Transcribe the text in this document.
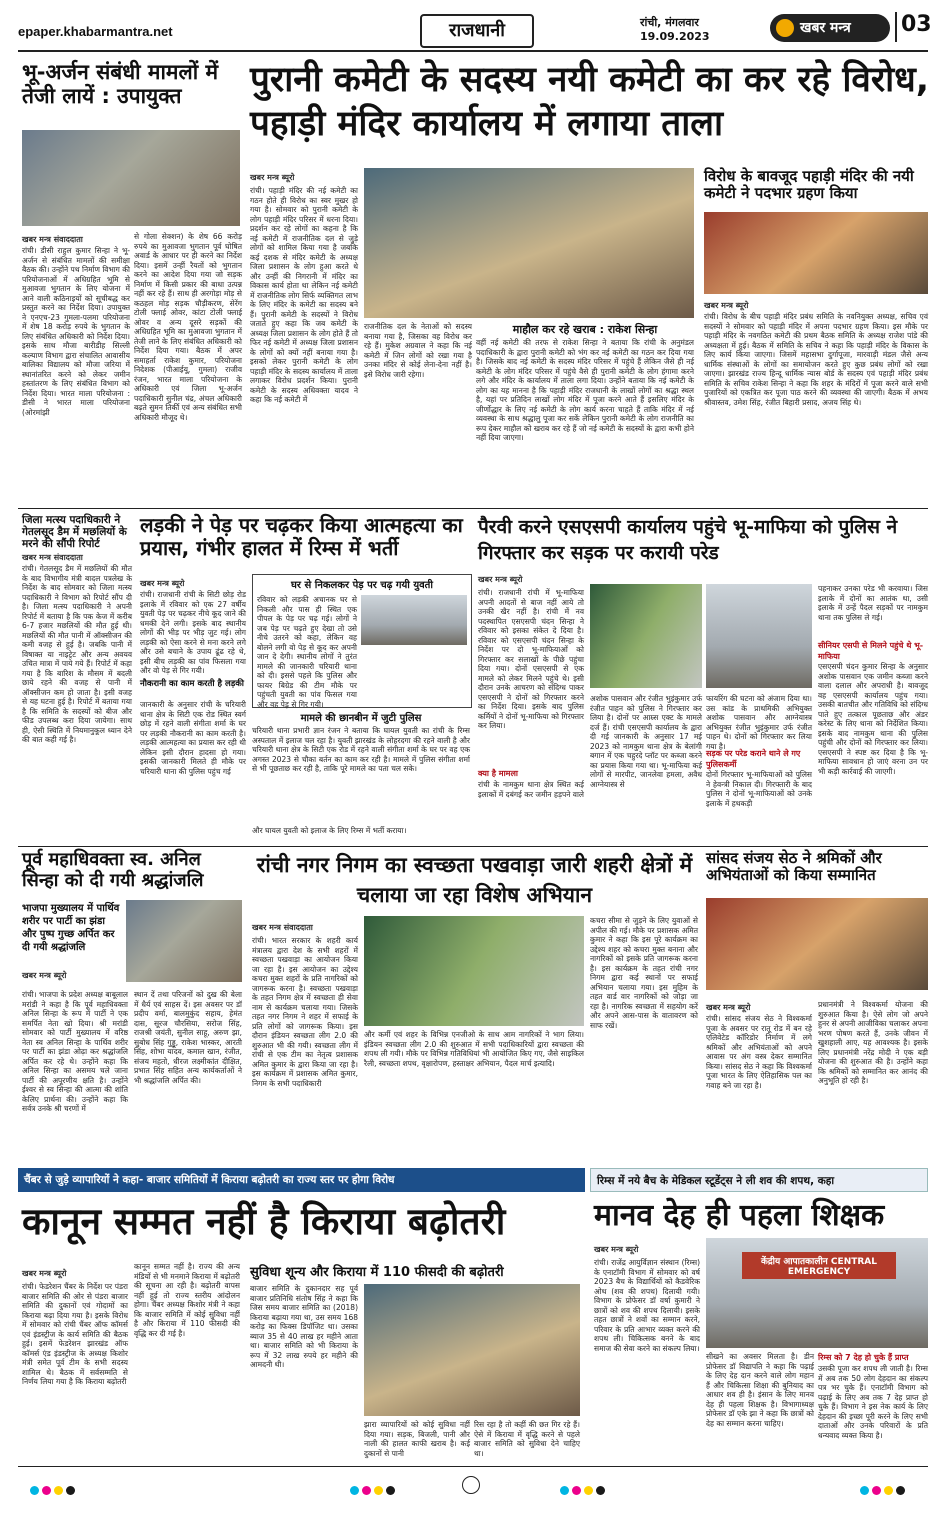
epaper.khabarmantra.net	राजधानी	रांची, मंगलवार
19.09.2023
खबर मन्त्र	03
भू-अर्जन संबंधी मामलों में तेजी लायें : उपायुक्त
खबर मन्त्र संवाददाता
रांची। डीसी राहुल कुमार सिन्हा ने भू-अर्जन से संबंधित मामलों की समीक्षा बैठक की। उन्होंने पथ निर्माण विभाग की परियोजनाओं में अधिग्रहित भूमि से मुआवजा भुगतान के लिए योजना में आने वाली कठिनाइयों को सूचीबद्ध कर प्रस्तुत करने का निर्देश दिया। उपायुक्त ने एनएच-23 गुमला-पलमा परियोजना में शेष 18 करोड़ रुपये के भुगतान के लिए संबंधित अधिकारी को निर्देश दिया। इसके साथ मौजा बारीडीह सिल्ली कल्याण विभाग द्वारा संचालित आवासीय बालिका विद्यालय को मौजा जरिया में स्थानांतरित करने को लेकर जमीन हस्तांतरण के लिए संबंधित विभाग को निर्देश दिया। भारत माला परियोजना : डीसी ने भारत माला परियोजना (ओरमांझी
से गोला सेक्शन) के शेष 66 करोड़ रुपये का मुआवजा भुगतान पूर्व घोषित अवार्ड के आधार पर ही करने का निर्देश दिया। इसमें उन्हीं रैयतों को भुगतान करने का आदेश दिया गया जो सड़क निर्माण में किसी प्रकार की बाधा उत्पन्न नहीं कर रहे हैं। साथ ही अरगोड़ा मोड़ से कठहल मोड़ सड़क चौड़ीकरण, सेरेंग टोली फ्लाई ओवर, कांटा टोली फ्लाई ओवर व अन्य दूसरे सड़कों की अधिग्रहित भूमि का मुआवजा भुगतान में तेजी लाने के लिए संबंधित अधिकारी को निर्देश दिया गया। बैठक में अपर समाहर्ता राकेश कुमार, परियोजना निदेशक (पीआईयू, गुमला) राजीव रंजन, भारत माला परियोजना के अधिकारी एवं जिला भू-अर्जन पदाधिकारी सुनील चंद्र, अंचल अधिकारी बढ़ते सुमन तिर्की एवं अन्य संबंधित सभी अधिकारी मौजूद थे।
पुरानी कमेटी के सदस्य नयी कमेटी का कर रहे विरोध, पहाड़ी मंदिर कार्यालय में लगाया ताला
खबर मन्त्र ब्यूरो
रांची। पहाड़ी मंदिर की नई कमेटी का गठन होते ही विरोध का स्वर मुखर हो गया है। सोमवार को पुरानी कमेटी के लोग पहाड़ी मंदिर परिसर में धरना दिया। प्रदर्शन कर रहे लोगों का कहना है कि नई कमेटी में राजनीतिक दल से जुड़े लोगों को शामिल किया गया है जबकि कई दशक से मंदिर कमेटी के अध्यक्ष जिला प्रशासन के लोग हुआ करते थे और उन्हीं की निगरानी में मंदिर का विकास कार्य होता था लेकिन नई कमेटी में राजनीतिक लोग सिर्फ व्यक्तिगत लाभ के लिए मंदिर के कमेटी का सदस्य बने हैं। पुरानी कमेटी के सदस्यों ने विरोध जताते हुए कहा कि जब कमेटी के अध्यक्ष जिला प्रशासन के लोग होते हैं तो फिर नई कमेटी में अध्यक्ष जिला प्रशासन के लोगों को क्यों नहीं बनाया गया है। इसको लेकर पुरानी कमेटी के लोग पहाड़ी मंदिर के सदस्य कार्यालय में ताला लगाकर विरोध प्रदर्शन किया। पुरानी कमेटी के सदस्य अधिवक्ता यादव ने कहा कि नई कमेटी में
राजनीतिक दल के नेताओं को सदस्य बनाया गया है, जिसका वह विरोध कर रहे हैं। मुकेश अग्रवाल ने कहा कि नई कमेटी में जिन लोगों को रखा गया है उनका मंदिर से कोई लेना-देना नहीं है। इसे विरोध जारी रहेगा।
माहौल कर रहे खराब : राकेश सिन्हा
वहीं नई कमेटी की तरफ से राकेश सिन्हा ने बताया कि रांची के अनुमंडल पदाधिकारी के द्वारा पुरानी कमेटी को भंग कर नई कमेटी का गठन कर दिया गया है। जिसके बाद नई कमेटी के सदस्य मंदिर परिसर में पहुंचे हैं लेकिन जैसे ही नई कमेटी के लोग मंदिर परिसर में पहुंचे वैसे ही पुरानी कमेटी के लोग हंगामा करने लगे और मंदिर के कार्यालय में ताला लगा दिया। उन्होंने बताया कि नई कमेटी के लोग का यह मानना है कि पहाड़ी मंदिर राजधानी के लाखों लोगों का श्रद्धा स्थल है, यहां पर प्रतिदिन लाखों लोग मंदिर में पूजा करने आते हैं इसलिए मंदिर के जीर्णोद्धार के लिए नई कमेटी के लोग कार्य करना चाहते हैं ताकि मंदिर में नई व्यवस्था के साथ श्रद्धालु पूजा कर सकें लेकिन पुरानी कमेटी के लोग राजनीति का रूप देकर माहौल को खराब कर रहे हैं जो नई कमेटी के सदस्यों के द्वारा कभी होने नहीं दिया जाएगा।
विरोध के बावजूद पहाड़ी मंदिर की नयी कमेटी ने पदभार ग्रहण किया
खबर मन्त्र ब्यूरो
रांची। विरोध के बीच पहाड़ी मंदिर प्रबंध समिति के नवनियुक्त अध्यक्ष, सचिव एवं सदस्यों ने सोमवार को पहाड़ी मंदिर में अपना पदभार ग्रहण किया। इस मौके पर पहाड़ी मंदिर के नवगठित कमेटी की प्रथम बैठक समिति के अध्यक्ष राजेश पांडे की अध्यक्षता में हुई। बैठक में समिति के सचिव ने कहा कि पहाड़ी मंदिर के विकास के लिए कार्य किया जाएगा। जिसमें महासभा दुर्गापूजा, मारवाड़ी मंडल जैसे अन्य धार्मिक संस्थाओं के लोगों का समायोजन करते हुए कुछ प्रबंध लोगों को रखा जाएगा। झारखंड राज्य हिन्दू धार्मिक न्यास बोर्ड के सदस्य एवं पहाड़ी मंदिर प्रबंध समिति के सचिव राकेश सिन्हा ने कहा कि शहर के मंदिरों में पूजा करने वाले सभी पुजारियों को एकत्रित कर पूजा पाठ करने की व्यवस्था की जाएगी। बैठक में अभय श्रीवास्तव, उमेश सिंह, रंजीत बिहारी प्रसाद, अजय सिंह थे।
जिला मत्स्य पदाधिकारी ने गेतलसूद डैम में मछलियों के मरने की सौंपी रिपोर्ट
खबर मन्त्र संवाददाता
रांची। गेतलसूद डैम में मछलियों की मौत के बाद विभागीय मंत्री बादल पत्रलेख के निर्देश के बाद सोमवार को जिला मत्स्य पदाधिकारी ने विभाग को रिपोर्ट सौंप दी है। जिला मत्स्य पदाधिकारी ने अपनी रिपोर्ट में बताया है कि पक केज में करीब 6-7 हजार मछलियों की मौत हुई थी। मछलियों की मौत पानी में ऑक्सीजन की कमी वजह से हुई है। जबकि पानी में विषाक्त या नाइट्रेट और अन्य अवयव उचित मात्रा में पाये गये हैं। रिपोर्ट में कहा गया है कि बारिश के मौसम में बदली छाये रहने की वजह से पानी में ऑक्सीजन कम हो जाता है। इसी वजह से यह घटना हुई है। रिपोर्ट में बताया गया है कि समिति के सदस्यों को बीज और फीड उपलब्ध करा दिया जायेगा। साथ ही, ऐसी स्थिति में नियमानुकूल ध्यान देने की बात कही गई है।
लड़की ने पेड़ पर चढ़कर किया आत्महत्या का प्रयास, गंभीर हालत में रिम्स में भर्ती
खबर मन्त्र ब्यूरो
रांची। राजधानी रांची के सिटी छोड़ रोड इलाके में रविवार को एक 27 वर्षीय युवती पेड़ पर चढ़कर नीचे कूद जाने की धमकी देने लगी। इसके बाद स्थानीय लोगों की भीड़ पर भीड़ जुट गई। लोग लड़की को ऐसा करने से मना करने लगे और उसे बचाने के उपाय ढूंढ रहे थे, इसी बीच लड़की का पांव फिसला गया और वो पेड़ से गिर गयी।
नौकरानी का काम करती है लड़की
जानकारी के अनुसार रांची के चरियारी थाना क्षेत्र के सिटी एक रोड स्थित स्वर्ग छोड़ में रहने वाली संगीता शर्मा के घर पर लड़की नौकरानी का काम करती है। लड़की आत्महत्या का प्रयास कर रही थी लेकिन इसी दौरान हादसा हो गया। इसकी जानकारी मिलते ही मौके पर चरियारी थाना की पुलिस पहुंच गई
घर से निकलकर पेड़ पर चढ़ गयी युवती
रविवार को लड़की अचानक घर से निकली और पास ही स्थित एक पीपल के पेड़ पर चढ़ गई। लोगों ने जब पेड़ पर चढ़ते हुए देखा तो उसे नीचे उतरने को कहा, लेकिन वह बोलने लगी वो पेड़ से कूद कर अपनी जान दे देगी। स्थानीय लोगों ने तुरंत मामले की जानकारी चरियारी थाना को दी। इससे पहले कि पुलिस और फायर बिग्रेड की टीम मौके पर पहुंचती युवती का पांव फिसल गया और वह पेड़ से गिर गयी।
मामले की छानबीन में जुटी पुलिस
चरियारी थाना प्रभारी ज्ञान रंजन ने बताया कि घायल युवती का रांची के रिम्स अस्पताल में इलाज चल रहा है। युवती झारखंड के लोहरदगा की रहने वाली है और चरियारी थाना क्षेत्र के सिटी एक रोड में रहने वाली संगीता शर्मा के घर पर वह एक अगस्त 2023 से चौका बर्तन का काम कर रही है। मामले में पुलिस संगीता शर्मा से भी पूछताछ कर रही है, ताकि पूरे मामले का पता चल सके।
और घायल युवती को इलाज के लिए रिम्स में भर्ती कराया।
पैरवी करने एसएसपी कार्यालय पहुंचे भू-माफिया को पुलिस ने गिरफ्तार कर सड़क पर करायी परेड
खबर मन्त्र ब्यूरो
रांची। राजधानी रांची में भू-माफिया अपनी आदतों से बाज नहीं आये तो उनकी खैर नहीं है। रांची में नव पदस्थापित एसएसपी चंदन सिन्हा ने रविवार को इसका संकेत दे दिया है। रविवार को एसएसपी चंदन सिन्हा के निर्देश पर दो भू-माफियाओं को गिरफ्तार कर सलाखों के पीछे पहुंचा दिया गया। दोनों एसएसपी से एक मामले को लेकर मिलने पहुंचे थे। इसी दौरान उनके आचरण को संदिग्ध पाकर एसएसपी ने दोनों को गिरफ्तार करने का निर्देश दिया। इसके बाद पुलिस कर्मियों ने दोनों भू-माफिया को गिरफ्तार कर लिया।
क्या है मामला
रांची के नामकुम थाना क्षेत्र स्थित कई इलाकों में दबंगई कर जमीन हड़पने वाले
अशोक पासवान और रंजीत भुइंकुमार उर्फ रंजीत पाहन को पुलिस ने गिरफ्तार कर लिया है। दोनों पर आम्र्स एक्ट के मामले दर्ज हैं। रांची एसएसपी कार्यालय के द्वारा दी गई जानकारी के अनुसार 17 मई 2023 को नामकुम थाना क्षेत्र के बेलांगी बगान में एक चहुरदे प्लॉट पर कब्जा करने का प्रयास किया गया था। भू-माफिया कई लोगों से मारपीट, जानलेवा हमला, अवैध आग्नेयास्त्र से
फायरिंग की घटना को अंजाम दिया था। उस कांड के प्राथमिकी अभियुक्त अशोक पासवान और आग्नेयास्त्र अभियुक्त रंजीत भुइंकुमार उर्फ रंजीत पाहन थे। दोनों को गिरफ्तार कर लिया गया है।
सड़क पर परेड कराने थाने ले गए पुलिसकर्मी
दोनों गिरफ्तार भू-माफियाओं को पुलिस ने हेवन्त्री निकाल दी। गिरफ्तारी के बाद पुलिस ने दोनों भू-माफियाओं को उनके इलाके में हथकड़ी
पहनाकर उनका परेड भी करवाया। जिस इलाके में दोनों का आतंक था, उसी इलाके में उन्हें पैदल सड़कों पर नामकुम थाना तक पुलिस ले गई।
सीनियर एसपी से मिलने पहुंचे थे भू-माफिया
एसएसपी चंदन कुमार सिन्हा के अनुसार अशोक पासवान एक जमीन कब्जा करने वाला दलाल और अपराधी है। बावजूद वह एसएसपी कार्यालय पहुंच गया। उसकी बातचीत और गतिविधि को संदिग्ध पाते हुए तत्काल पूछताछ और अंडर करेस्ट के लिए थाना को निर्देशित किया। इसके बाद नामकुम थाना की पुलिस पहुंची और दोनों को गिरफ्तार कर लिया। एसएसपी ने स्पष्ट कर दिया है कि भू-माफिया सावधान हो जाएं वरना उन पर भी कड़ी कार्रवाई की जाएगी।
पूर्व महाधिवक्ता स्व. अनिल सिन्हा को दी गयी श्रद्धांजलि
भाजपा मुख्यालय में पार्थिव शरीर पर पार्टी का झंडा और पुष्प गुच्छ अर्पित कर दी गयी श्रद्धांजलि
खबर मन्त्र ब्यूरो
रांची। भाजपा के प्रदेश अध्यक्ष बाबूलाल मरांडी ने कहा है कि पूर्व महाधिवक्ता अनिल सिन्हा के रूप में पार्टी ने एक समर्पित नेता खो दिया। श्री मरांडी सोमवार को पार्टी मुख्यालय में वरिष्ठ नेता स्व अनिल सिन्हा के पार्थिव शरीर पर पार्टी का झंडा ओढ़ा कर श्रद्धांजलि अर्पित कर रहे थे। उन्होंने कहा कि अनिल सिन्हा का असमय चले जाना पार्टी की अपूरणीय क्षति है। उन्होंने ईश्वर से स्व सिन्हा की आत्मा की शांति केलिए प्रार्थना की। उन्होंने कहा कि सर्वत्र उनके श्री चरणों में
स्थान दें तथा परिजनों को दुख की बेला में धैर्य एवं साहस दें। इस अवसर पर डॉ प्रदीप वर्मा, बालमुकुंद सहाय, हेमंत दास, सूरज चौरसिया, सरोज सिंह, राजश्री जयंती, सुनील साहू, अरुण झा, सुबोध सिंह गुड्डू, राकेश भास्कर, आरती सिंह, शोभा यादव, कमाल खान, रंजीत, संजय महतो, धीरज लक्ष्मीकांत दीक्षित, प्रभात सिंह सहित अन्य कार्यकर्ताओं ने भी श्रद्धांजलि अर्पित की।
रांची नगर निगम का स्वच्छता पखवाड़ा जारी शहरी क्षेत्रों में चलाया जा रहा विशेष अभियान
खबर मन्त्र संवाददाता
रांची। भारत सरकार के शहरी कार्य मंत्रालय द्वारा देश के सभी शहरों में स्वच्छता पखवाड़ा का आयोजन किया जा रहा है। इस आयोजन का उद्देश्य कचरा मुक्त शहरों के प्रति नागरिकों को जागरूक करना है। स्वच्छता पखवाड़ा के तहत निगम क्षेत्र में स्वच्छता ही सेवा नाम से कार्यक्रम चलाया गया। जिसके तहत नगर निगम ने शहर में सफाई के प्रति लोगों को जागरूक किया। इस दौरान इंडियन स्वच्छता लीग 2.0 की शुरुआत भी की गयी। स्वच्छता लीग में रांची से एक टीम का नेतृत्व प्रशासक अमित कुमार के द्वारा किया जा रहा है। इस कार्यक्रम में प्रशासक अमित कुमार, निगम के सभी पदाधिकारी
और कर्मी एवं शहर के विभिन्न एनजीओ के साथ आम नागरिकों ने भाग लिया। इंडियन स्वच्छता लीग 2.0 की शुरुआत में सभी पदाधिकारियों द्वारा स्वच्छता की शपथ ली गयी। मौके पर विभिन्न गतिविधियां भी आयोजित किए गए, जैसे साइकिल रैली, स्वच्छता शपथ, वृक्षारोपण, हस्ताक्षर अभियान, पैदल मार्च इत्यादि।
कचरा सीमा से जुड़ने के लिए युवाओं से अपील की गई। मौके पर प्रशासक अमित कुमार ने कहा कि इस पूरे कार्यक्रम का उद्देश्य शहर को कचरा मुक्त बनाना और नागरिकों को इसके प्रति जागरूक करना है। इस कार्यक्रम के तहत रांची नगर निगम द्वारा कई स्थानों पर सफाई अभियान चलाया गया। इस मुहिम के तहत वार्ड वार नागरिकों को जोड़ा जा रहा है। नागरिक स्वच्छता में सहयोग करें और अपने आस-पास के वातावरण को साफ रखें।
सांसद संजय सेठ ने श्रमिकों और अभियंताओं को किया सम्मानित
खबर मन्त्र ब्यूरो
रांची। सांसद संजय सेठ ने विश्वकर्मा पूजा के अवसर पर रातू रोड में बन रहे एलिवेटेड कॉरिडोर निर्माण में लगे श्रमिकों और अभियंताओं को अपने आवास पर अंग वस्त्र देकर सम्मानित किया। सांसद सेठ ने कहा कि विश्वकर्मा पूजा भारत के लिए ऐतिहासिक पल का गवाह बने जा रहा है।
प्रधानमंत्री ने विश्वकर्मा योजना की शुरुआत किया है। ऐसे लोग जो अपने हुनर से अपनी आजीविका चलाकर अपना भरण पोषण करते हैं, उनके जीवन में खुशहाली आए, यह आवश्यक है। इसके लिए प्रधानमंत्री नरेंद्र मोदी ने एक बड़ी योजना की शुरुआत की है। उन्होंने कहा कि श्रमिकों को सम्मानित कर आनंद की अनुभूति हो रही है।
चैंबर से जुड़े व्यापारियों ने कहा- बाजार समितियों में किराया बढ़ोतरी का राज्य स्तर पर होगा विरोध	रिम्स में नये बैच के मेडिकल स्टूडेंट्स ने ली शव की शपथ, कहा
कानून सम्मत नहीं है किराया बढ़ोतरी
खबर मन्त्र ब्यूरो
रांची। फेडरेशन चैंबर के निर्देश पर पंडरा बाजार समिति की ओर से पंडरा बाजार समिति की दुकानों एवं गोदामों का किराया बढ़ा दिया गया है। इसके विरोध में सोमवार को रांची चैंबर ऑफ कॉमर्स एवं इंडस्ट्रीज के कार्य समिति की बैठक हुई। इसमें फेडरेशन झारखंड ऑफ कॉमर्स एंड इंडस्ट्रीज के अध्यक्ष किशोर मंत्री समेत पूर्व टीम के सभी सदस्य शामिल थे। बैठक में सर्वसम्मति से निर्णय लिया गया है कि किराया बढ़ोतरी
कानून सम्मत नहीं है। राज्य की अन्य मंडियों से भी मनमाने किराया में बढ़ोतरी की सूचना आ रही है। बढ़ोतरी वापस नहीं हुई तो राज्य स्तरीय आंदोलन होगा। चैंबर अध्यक्ष किशोर मंत्री ने कहा कि बाजार समिति में कोई सुविधा नहीं है और किराया में 110 फीसदी की वृद्धि कर दी गई है।
सुविधा शून्य और किराया में 110 फीसदी की बढ़ोतरी
बाजार समिति के दुकानदार सह पूर्व बाजार प्रतिनिधि संतोष सिंह ने कहा कि जिस समय बाजार समिति का (2018) किराया बढ़ाया गया था, उस समय 168 करोड़ का फिक्स डिपॉजिट था। उसका ब्याज 35 से 40 लाख हर महीने आता था। बाजार समिति को भी किराया के रूप में 32 लाख रुपये हर महीने की आमदनी थी।
झारा व्यापारियों को कोई सुविधा नहीं दिया गया। सड़क, बिजली, पानी और नाली की हालत काफी खराब है। कई दुकानों से पानी
रिस रहा है तो कहीं की छत गिर रहे हैं। ऐसे में किराया में वृद्धि करने से पहले बाजार समिति को सुविधा देने चाहिए था।
मानव देह ही पहला शिक्षक
खबर मन्त्र ब्यूरो
रांची। राजेंद्र आयुर्विज्ञान संस्थान (रिम्स) के एनाटॉमी विभाग में सोमवार को वर्ष 2023 बैच के विद्यार्थियों को कैडवेरिक ओथ (शव की शपथ) दिलायी गयी। विभाग के प्रोफेसर डॉ वर्षा कुमारी ने छात्रों को शव की शपथ दिलायी। इसके तहत छात्रों ने शवों का सम्मान करने, परिवार के प्रति आभार व्यक्त करने की शपथ ली। चिकित्सक बनने के बाद समाज की सेवा करने का संकल्प लिया।
केंद्रीय आपातकालीन CENTRAL EMERGENCY
सीखने का अवसर मिलता है। डीन प्रोफेसर डॉ विद्यापति ने कहा कि पढ़ाई के लिए देह दान करने वाले लोग महान हैं और चिकित्सा शिक्षा की बुनियाद का आधार शव ही है। इंसान के लिए मानव देह ही पहला शिक्षक है। विभागाध्यक्ष प्रोफेसर डॉ एके झा ने कहा कि छात्रों को देह का सम्मान करना चाहिए।
रिम्स को 7 देह हो चुके हैं प्राप्त
उसकी पूजा कर शपथ ली जाती है। रिम्स में अब तक 50 लोग देहदान का संकल्प पत्र भर चुके हैं। एनाटॉमी विभाग को पढ़ाई के लिए अब तक 7 देह प्राप्त हो चुके हैं। विभाग ने इस नेक कार्य के लिए देहदान की इच्छा पूरी करने के लिए सभी दाताओं और उनके परिवारों के प्रति धन्यवाद व्यक्त किया है।
